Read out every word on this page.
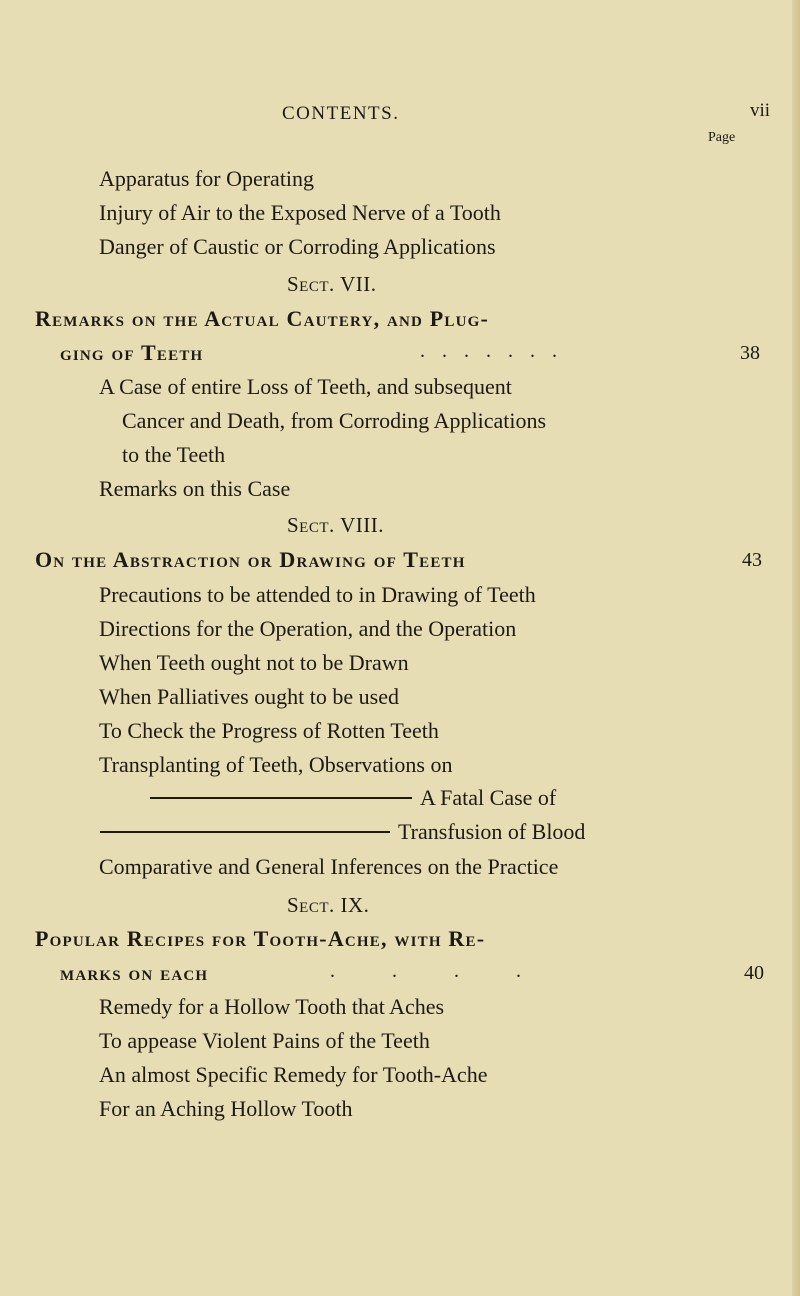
CONTENTS.	vii
Page
Apparatus for Operating
Injury of Air to the Exposed Nerve of a Tooth
Danger of Caustic or Corroding Applications
Sect. VII.
Remarks on the Actual Cautery, and Plug-
ging of Teeth	. . . . . . .	38
A Case of entire Loss of Teeth, and subsequent
Cancer and Death, from Corroding Applications
to the Teeth
Remarks on this Case
Sect. VIII.
On the Abstraction or Drawing of Teeth	43
Precautions to be attended to in Drawing of Teeth
Directions for the Operation, and the Operation
When Teeth ought not to be Drawn
When Palliatives ought to be used
To Check the Progress of Rotten Teeth
Transplanting of Teeth, Observations on
A Fatal Case of
Transfusion of Blood
Comparative and General Inferences on the Practice
Sect. IX.
Popular Recipes for Tooth-Ache, with Re-
marks on each	. . . .	40
Remedy for a Hollow Tooth that Aches
To appease Violent Pains of the Teeth
An almost Specific Remedy for Tooth-Ache
For an Aching Hollow Tooth
